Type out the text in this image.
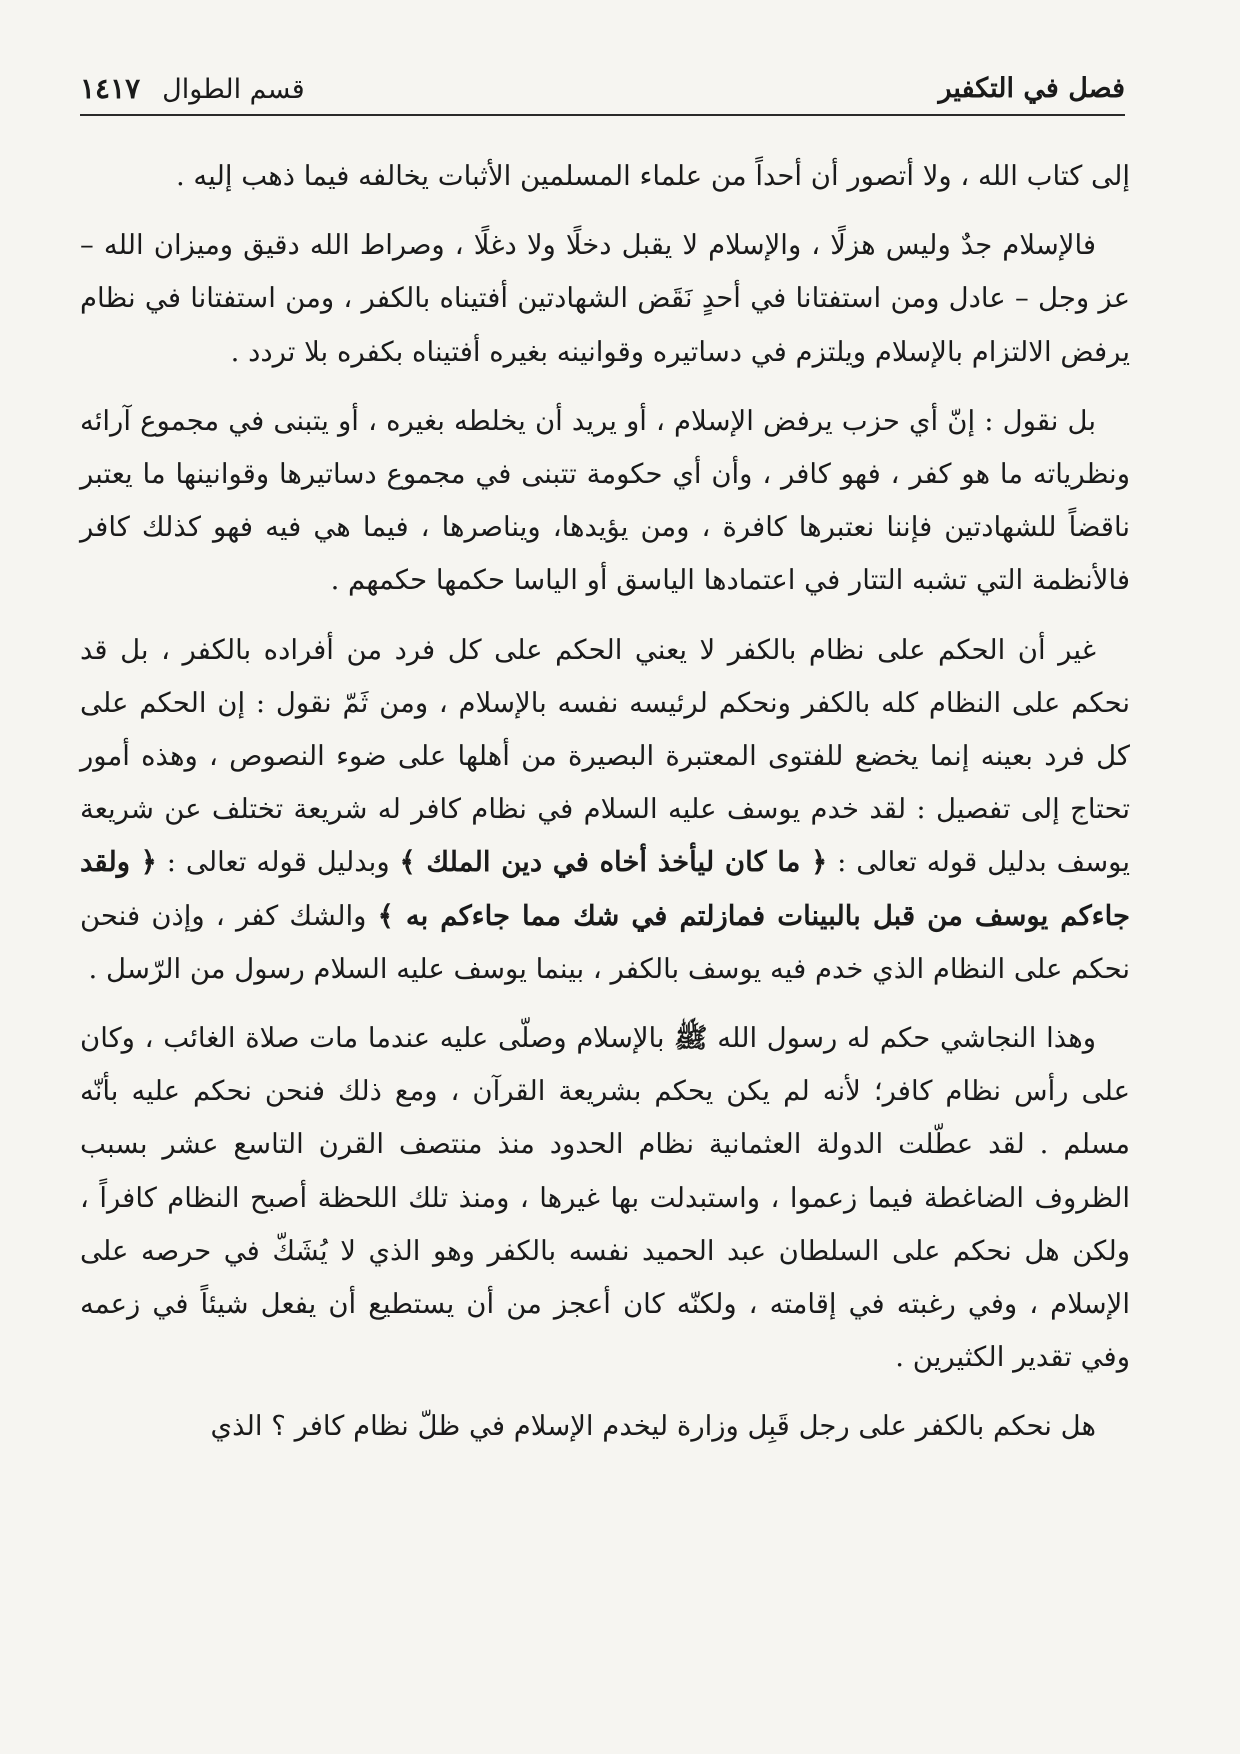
فصل في التكفير
قسم الطوال
١٤١٧

إلى كتاب الله ، ولا أتصور أن أحداً من علماء المسلمين الأثبات يخالفه فيما ذهب إليه .

فالإسلام جدٌ وليس هزلًا ، والإسلام لا يقبل دخلًا ولا دغلًا ، وصراط الله دقيق وميزان الله – عز وجل – عادل ومن استفتانا في أحدٍ نَقَض الشهادتين أفتيناه بالكفر ، ومن استفتانا في نظام يرفض الالتزام بالإسلام ويلتزم في دساتيره وقوانينه بغيره أفتيناه بكفره بلا تردد .

بل نقول : إنّ أي حزب يرفض الإسلام ، أو يريد أن يخلطه بغيره ، أو يتبنى في مجموع آرائه ونظرياته ما هو كفر ، فهو كافر ، وأن أي حكومة تتبنى في مجموع دساتيرها وقوانينها ما يعتبر ناقضاً للشهادتين فإننا نعتبرها كافرة ، ومن يؤيدها، ويناصرها ، فيما هي فيه فهو كذلك كافر فالأنظمة التي تشبه التتار في اعتمادها الياسق أو الياسا حكمها حكمهم .

غير أن الحكم على نظام بالكفر لا يعني الحكم على كل فرد من أفراده بالكفر ، بل قد نحكم على النظام كله بالكفر ونحكم لرئيسه نفسه بالإسلام ، ومن ثَمّ نقول : إن الحكم على كل فرد بعينه إنما يخضع للفتوى المعتبرة البصيرة من أهلها على ضوء النصوص ، وهذه أمور تحتاج إلى تفصيل : لقد خدم يوسف عليه السلام في نظام كافر له شريعة تختلف عن شريعة يوسف بدليل قوله تعالى : ﴿ ما كان ليأخذ أخاه في دين الملك ﴾ وبدليل قوله تعالى : ﴿ ولقد جاءكم يوسف من قبل بالبينات فمازلتم في شك مما جاءكم به ﴾ والشك كفر ، وإذن فنحن نحكم على النظام الذي خدم فيه يوسف بالكفر ، بينما يوسف عليه السلام رسول من الرّسل .

وهذا النجاشي حكم له رسول الله ﷺ بالإسلام وصلّى عليه عندما مات صلاة الغائب ، وكان على رأس نظام كافر؛ لأنه لم يكن يحكم بشريعة القرآن ، ومع ذلك فنحن نحكم عليه بأنّه مسلم . لقد عطّلت الدولة العثمانية نظام الحدود منذ منتصف القرن التاسع عشر بسبب الظروف الضاغطة فيما زعموا ، واستبدلت بها غيرها ، ومنذ تلك اللحظة أصبح النظام كافراً ، ولكن هل نحكم على السلطان عبد الحميد نفسه بالكفر وهو الذي لا يُشَكّ في حرصه على الإسلام ، وفي رغبته في إقامته ، ولكنّه كان أعجز من أن يستطيع أن يفعل شيئاً في زعمه وفي تقدير الكثيرين .

هل نحكم بالكفر على رجل قَبِل وزارة ليخدم الإسلام في ظلّ نظام كافر ؟ الذي
